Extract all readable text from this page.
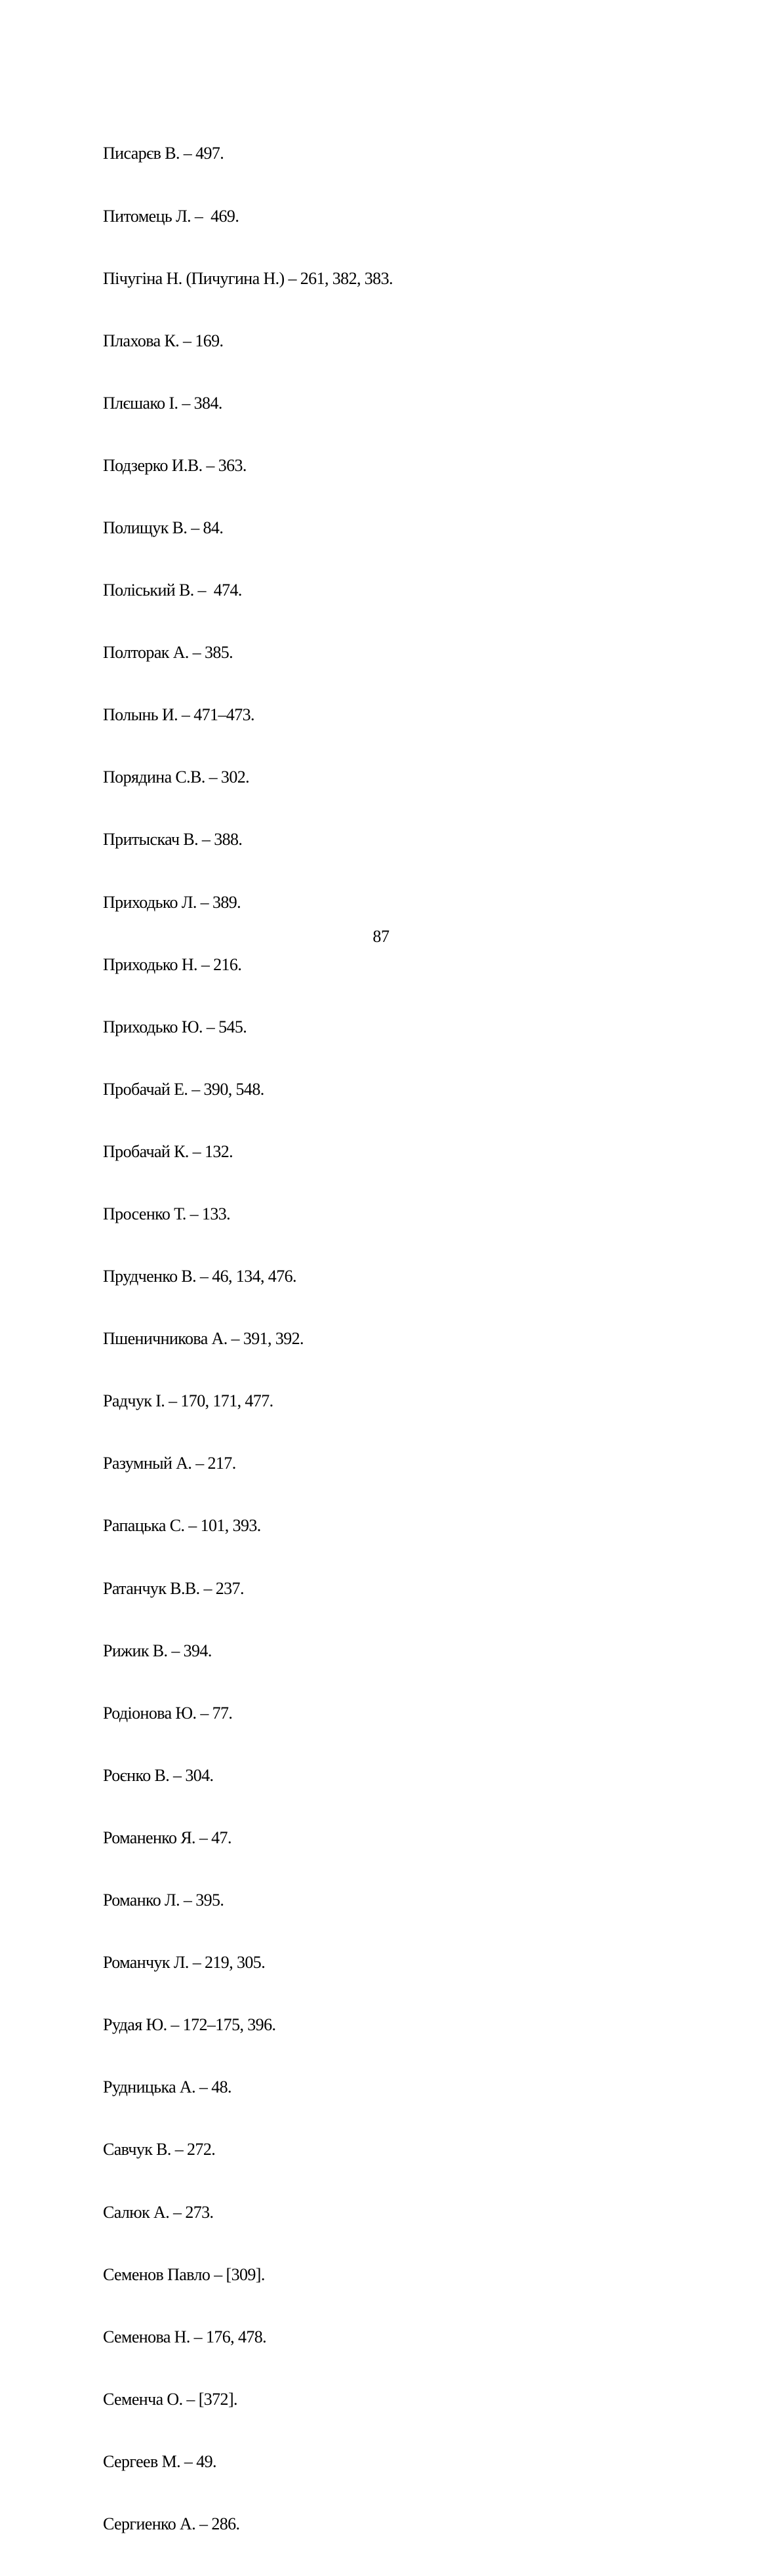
Писарєв В. – 497.

Питомець Л. –  469.

Пічугіна Н. (Пичугина Н.) – 261, 382, 383.

Плахова К. – 169.

Плєшако І. – 384.

Подзерко И.В. – 363.

Полищук В. – 84.

Поліський В. –  474.

Полторак А. – 385.

Полынь И. – 471–473.

Порядина С.В. – 302.

Притыскач В. – 388.

Приходько Л. – 389.

Приходько Н. – 216.

Приходько Ю. – 545.

Пробачай Е. – 390, 548.

Пробачай К. – 132.

Просенко Т. – 133.

Прудченко В. – 46, 134, 476.

Пшеничникова А. – 391, 392.

Радчук І. – 170, 171, 477.

Разумный А. – 217.

Рапацька С. – 101, 393.

Ратанчук В.В. – 237.

Рижик В. – 394.

Родіонова Ю. – 77.

Роєнко В. – 304.

Романенко Я. – 47.

Романко Л. – 395.

Романчук Л. – 219, 305.

Рудая Ю. – 172–175, 396.

Рудницька А. – 48.

Савчук В. – 272.

Салюк А. – 273.

Семенов Павло – [309].

Семенова Н. – 176, 478.

Семенча О. – [372].

Сергеев М. – 49.

Сергиенко А. – 286.

87
